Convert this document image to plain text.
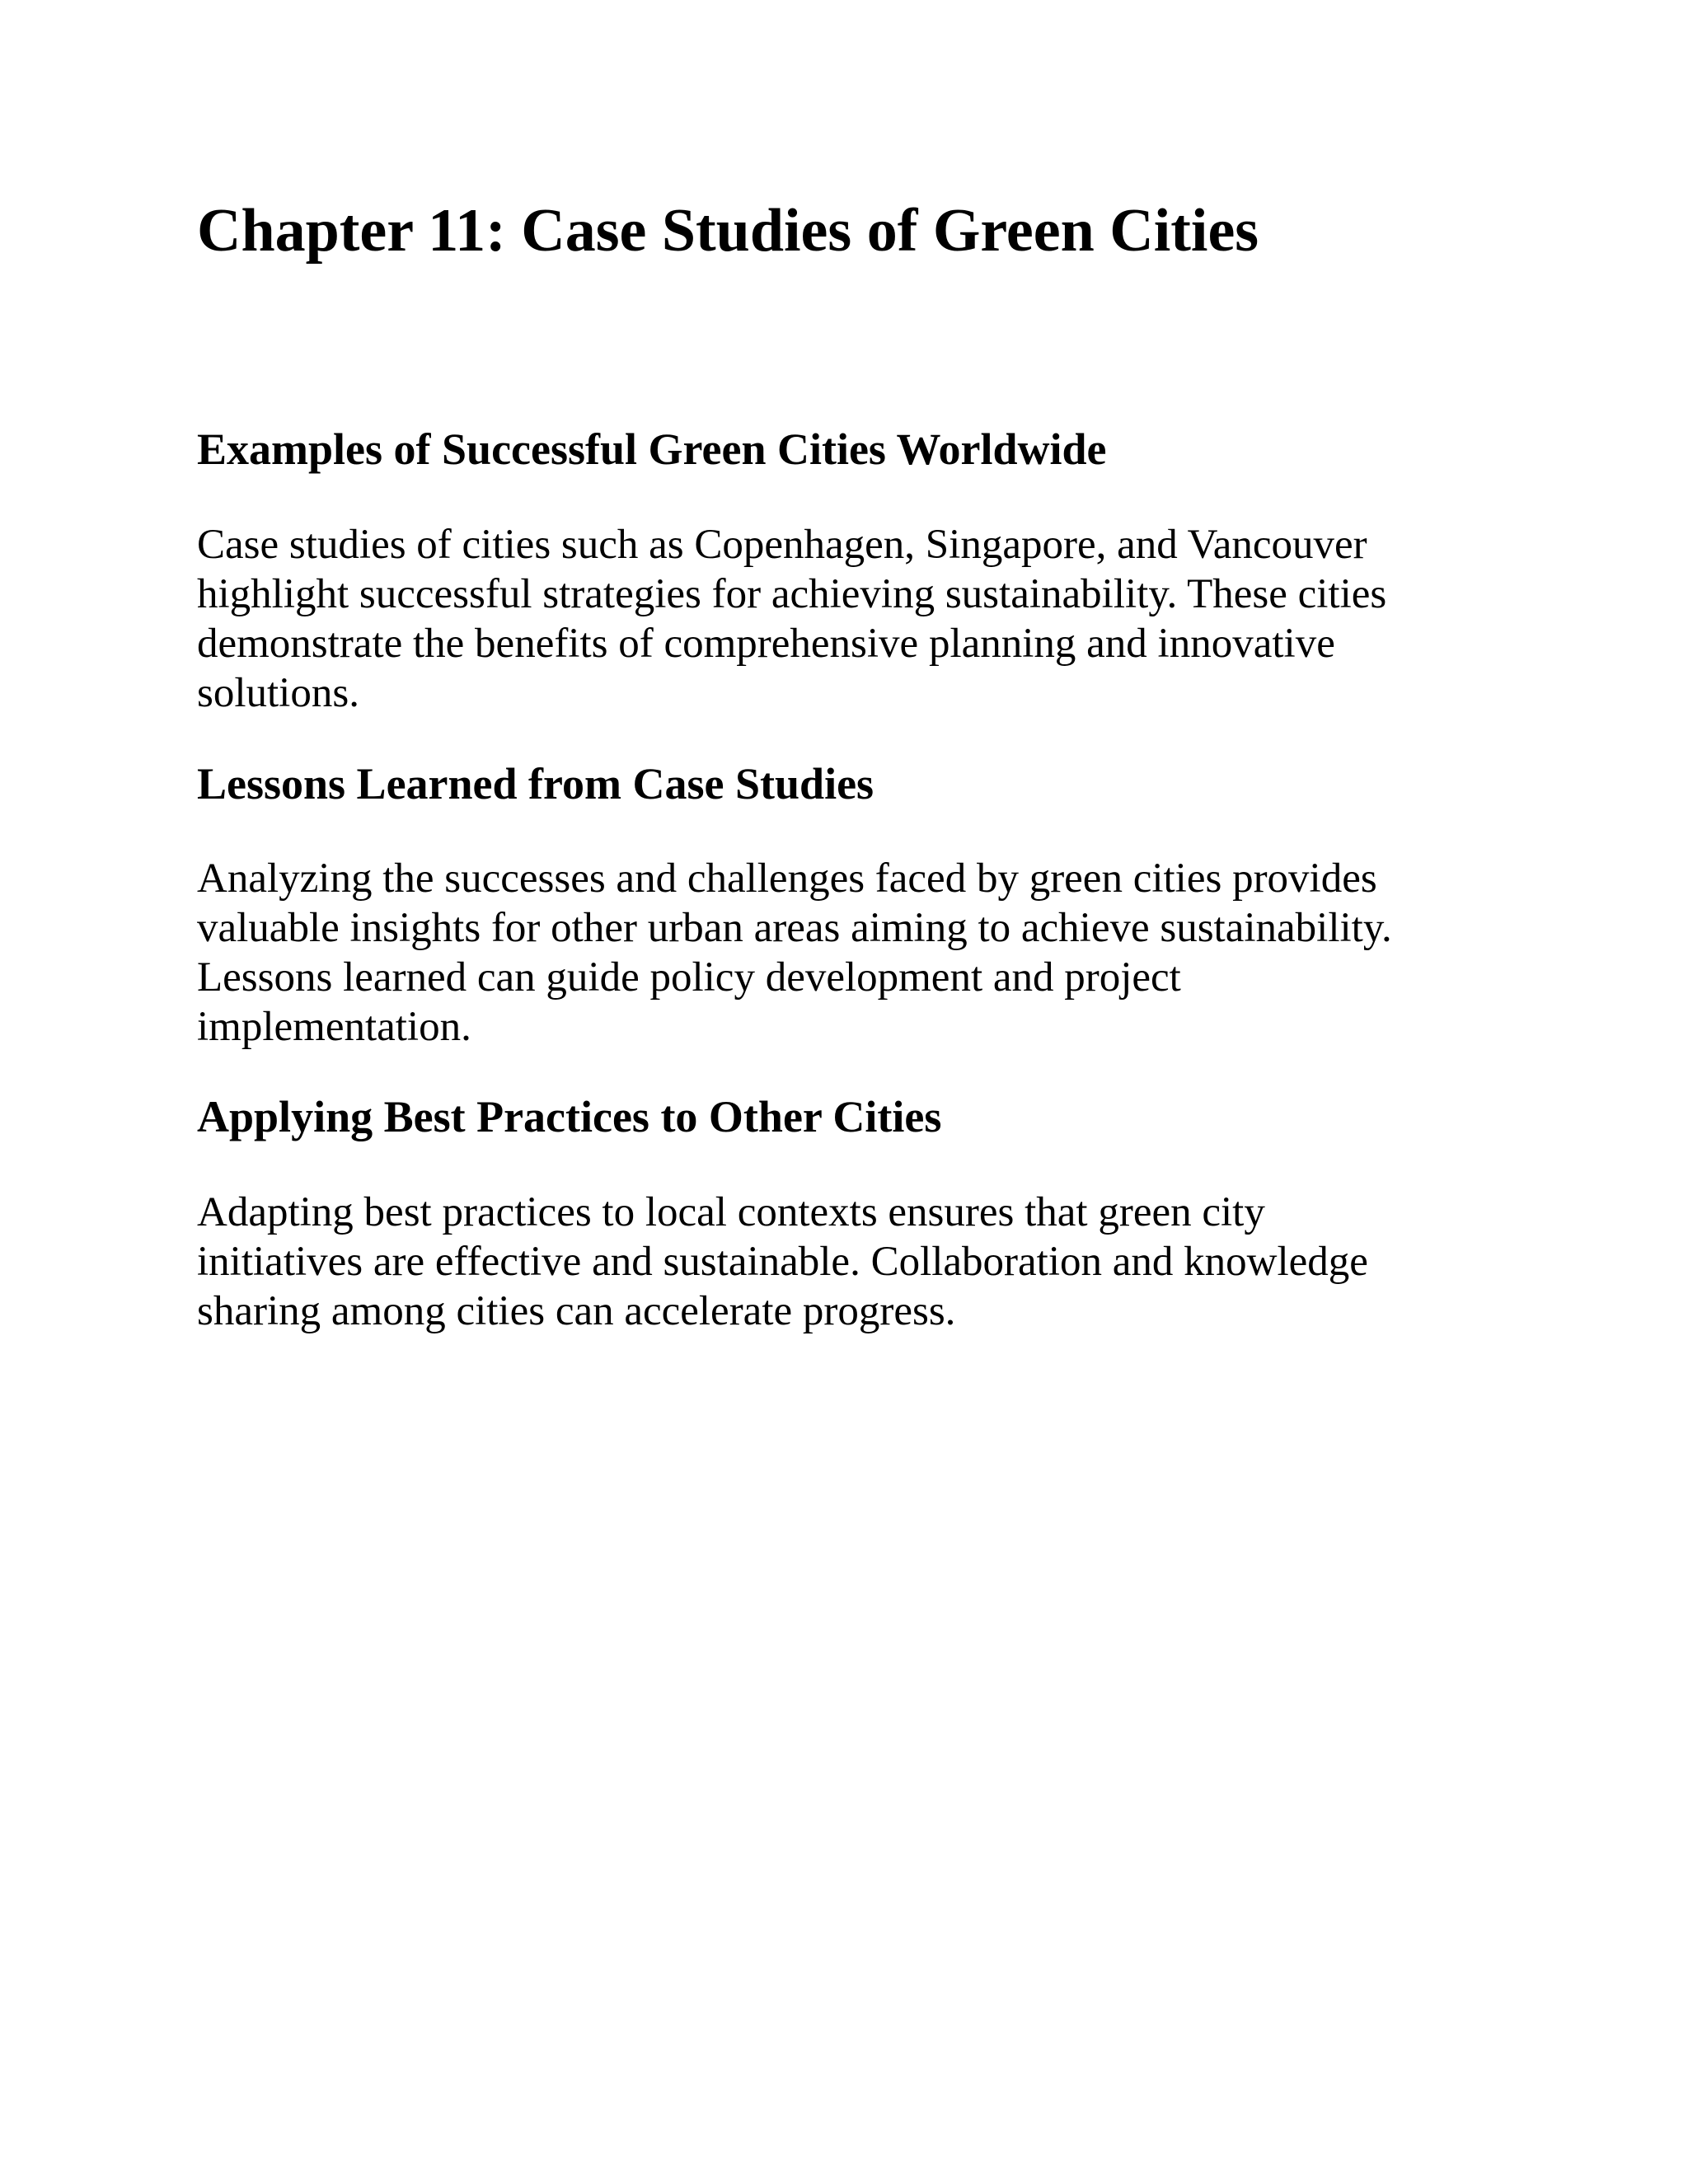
Chapter 11: Case Studies of Green Cities
Examples of Successful Green Cities Worldwide

Case studies of cities such as Copenhagen, Singapore, and Vancouver
highlight successful strategies for achieving sustainability. These cities
demonstrate the benefits of comprehensive planning and innovative
solutions.

Lessons Learned from Case Studies

Analyzing the successes and challenges faced by green cities provides
valuable insights for other urban areas aiming to achieve sustainability.
Lessons learned can guide policy development and project
implementation.

Applying Best Practices to Other Cities

Adapting best practices to local contexts ensures that green city
initiatives are effective and sustainable. Collaboration and knowledge
sharing among cities can accelerate progress.
